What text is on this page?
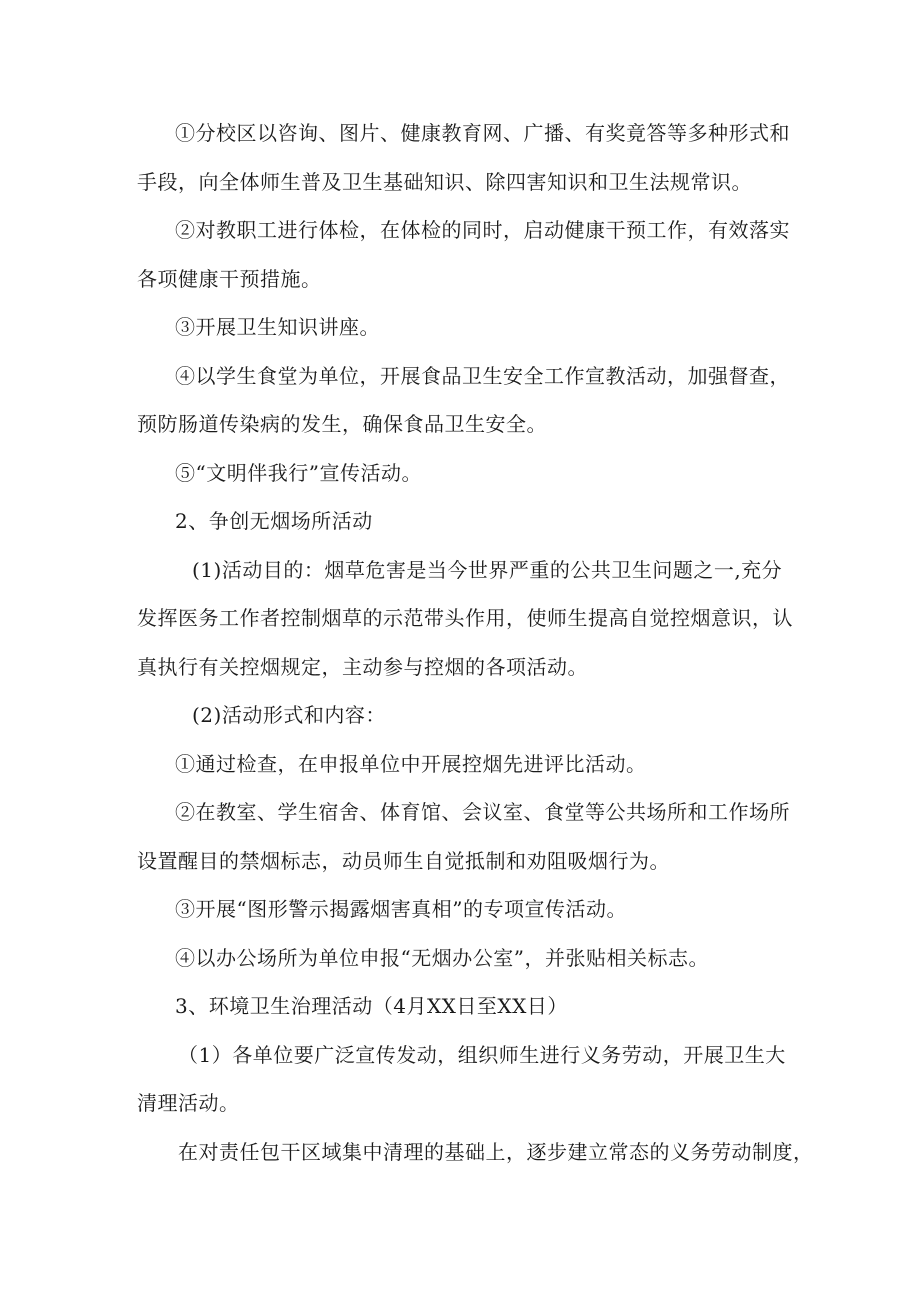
①分校区以咨询、图片、健康教育网、广播、有奖竟答等多种形式和
手段，向全体师生普及卫生基础知识、除四害知识和卫生法规常识。
②对教职工进行体检，在体检的同时，启动健康干预工作，有效落实
各项健康干预措施。
③开展卫生知识讲座。
④以学生食堂为单位，开展食品卫生安全工作宣教活动，加强督查，
预防肠道传染病的发生，确保食品卫生安全。
⑤“文明伴我行”宣传活动。
2、争创无烟场所活动
(1)活动目的：烟草危害是当今世界严重的公共卫生问题之一,充分
发挥医务工作者控制烟草的示范带头作用，使师生提高自觉控烟意识，认
真执行有关控烟规定，主动参与控烟的各项活动。
(2)活动形式和内容：
①通过检查，在申报单位中开展控烟先进评比活动。
②在教室、学生宿舍、体育馆、会议室、食堂等公共场所和工作场所
设置醒目的禁烟标志，动员师生自觉抵制和劝阻吸烟行为。
③开展“图形警示揭露烟害真相”的专项宣传活动。
④以办公场所为单位申报“无烟办公室”，并张贴相关标志。
3、环境卫生治理活动（4月XX日至XX日）
（1）各单位要广泛宣传发动，组织师生进行义务劳动，开展卫生大
清理活动。
在对责任包干区域集中清理的基础上，逐步建立常态的义务劳动制度，
